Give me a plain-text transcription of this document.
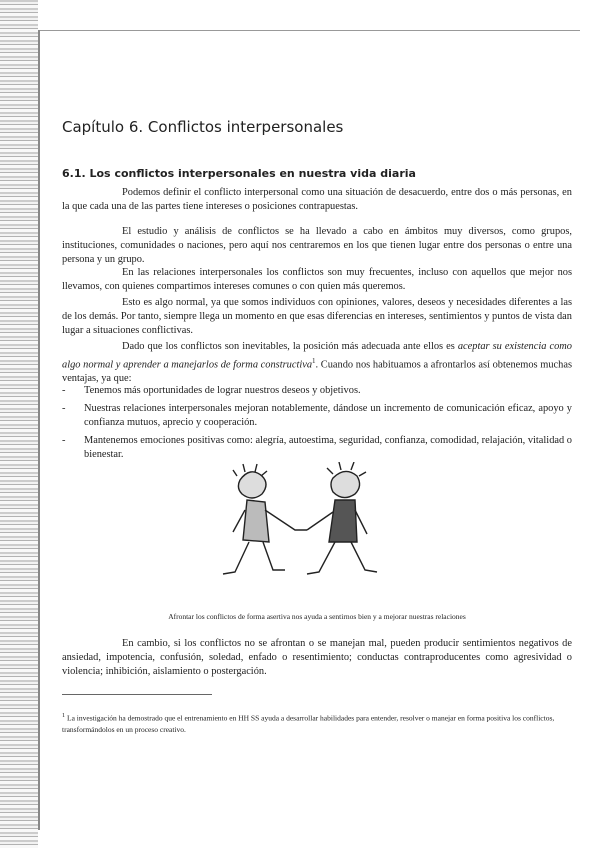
Capítulo 6. Conflictos interpersonales
6.1. Los conflictos interpersonales en nuestra vida diaria

Podemos definir el conflicto interpersonal como una situación de desacuerdo, entre dos o más personas, en la que cada una de las partes tiene intereses o posiciones contrapuestas.

El estudio y análisis de conflictos se ha llevado a cabo en ámbitos muy diversos, como grupos, instituciones, comunidades o naciones, pero aquí nos centraremos en los que tienen lugar entre dos personas o entre una persona y un grupo.

En las relaciones interpersonales los conflictos son muy frecuentes, incluso con aquellos que mejor nos llevamos, con quienes compartimos intereses comunes o con quien más queremos.

Esto es algo normal, ya que somos individuos con opiniones, valores, deseos y necesidades diferentes a las de los demás. Por tanto, siempre llega un momento en que esas diferencias en intereses, sentimientos y puntos de vista dan lugar a situaciones conflictivas.

Dado que los conflictos son inevitables, la posición más adecuada ante ellos es aceptar su existencia como algo normal y aprender a manejarlos de forma constructiva$^1$. Cuando nos habituamos a afrontarlos así obtenemos muchas ventajas, ya que:

- Tenemos más oportunidades de lograr nuestros deseos y objetivos.
- Nuestras relaciones interpersonales mejoran notablemente, dándose un incremento de comunicación eficaz, apoyo y confianza mutuos, aprecio y cooperación.
- Mantenemos emociones positivas como: alegría, autoestima, seguridad, confianza, comodidad, relajación, vitalidad o bienestar.
Afrontar los conflictos de forma asertiva nos ayuda a sentirnos bien y a mejorar nuestras relaciones

En cambio, si los conflictos no se afrontan o se manejan mal, pueden producir sentimientos negativos de ansiedad, impotencia, confusión, soledad, enfado o resentimiento; conductas contraproducentes como agresividad o violencia; inhibición, aislamiento o postergación.

$^1$ La investigación ha demostrado que el entrenamiento en HH SS ayuda a desarrollar habilidades para entender, resolver o manejar en forma positiva los conflictos, transformándolos en un proceso creativo.
